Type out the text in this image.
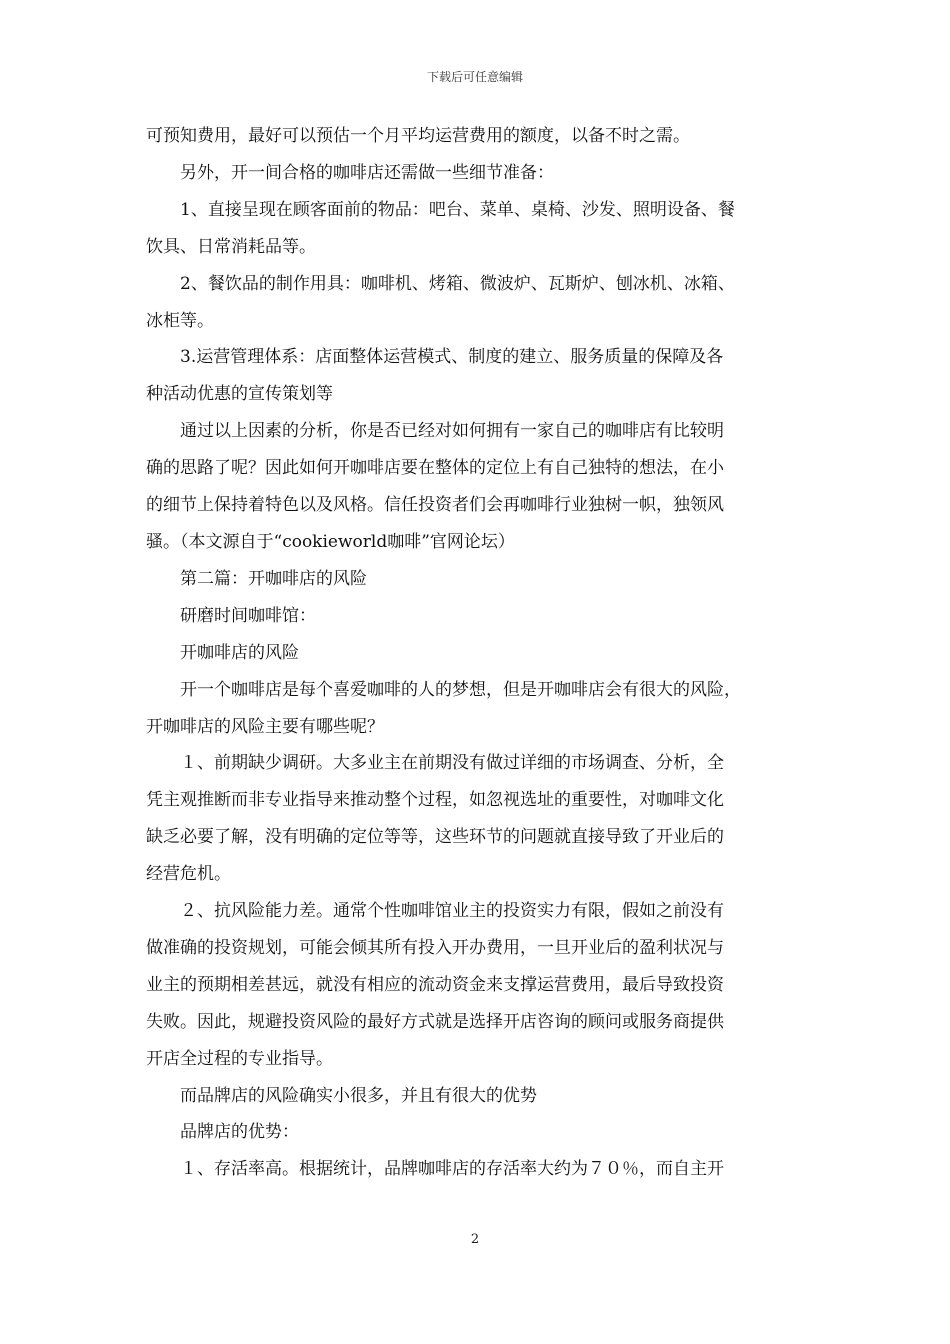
下载后可任意编辑

可预知费用，最好可以预估一个月平均运营费用的额度，以备不时之需。

另外，开一间合格的咖啡店还需做一些细节准备：

1、直接呈现在顾客面前的物品：吧台、菜单、桌椅、沙发、照明设备、餐

饮具、日常消耗品等。

2、餐饮品的制作用具：咖啡机、烤箱、微波炉、瓦斯炉、刨冰机、冰箱、

冰柜等。

3.运营管理体系：店面整体运营模式、制度的建立、服务质量的保障及各

种活动优惠的宣传策划等

通过以上因素的分析，你是否已经对如何拥有一家自己的咖啡店有比较明

确的思路了呢？因此如何开咖啡店要在整体的定位上有自己独特的想法，在小

的细节上保持着特色以及风格。信任投资者们会再咖啡行业独树一帜，独领风

骚。（本文源自于“cookieworld咖啡”官网论坛）

第二篇：开咖啡店的风险

研磨时间咖啡馆：

开咖啡店的风险

开一个咖啡店是每个喜爱咖啡的人的梦想，但是开咖啡店会有很大的风险，

开咖啡店的风险主要有哪些呢？

１、前期缺少调研。大多业主在前期没有做过详细的市场调查、分析，全

凭主观推断而非专业指导来推动整个过程，如忽视选址的重要性，对咖啡文化

缺乏必要了解，没有明确的定位等等，这些环节的问题就直接导致了开业后的

经营危机。

２、抗风险能力差。通常个性咖啡馆业主的投资实力有限，假如之前没有

做准确的投资规划，可能会倾其所有投入开办费用，一旦开业后的盈利状况与

业主的预期相差甚远，就没有相应的流动资金来支撑运营费用，最后导致投资

失败。因此，规避投资风险的最好方式就是选择开店咨询的顾问或服务商提供

开店全过程的专业指导。

而品牌店的风险确实小很多，并且有很大的优势

品牌店的优势：

１、存活率高。根据统计，品牌咖啡店的存活率大约为７０％，而自主开

2
